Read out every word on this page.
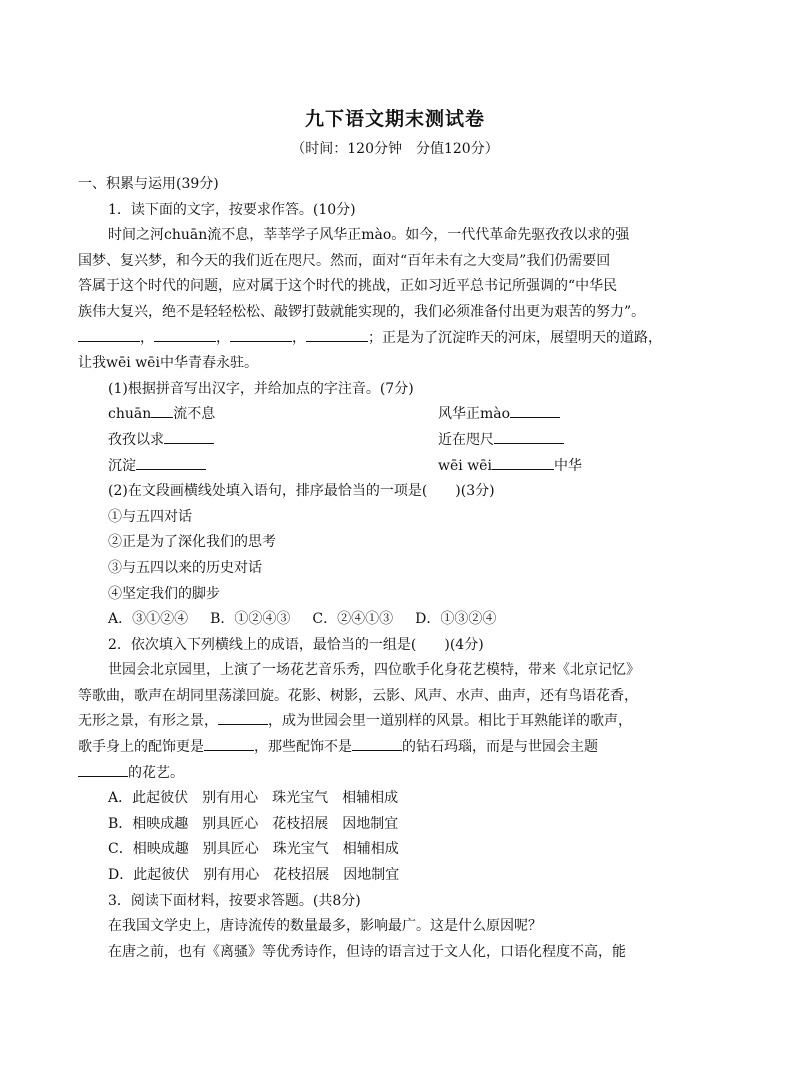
九下语文期末测试卷
（时间：120分钟　分值120分）

一、积累与运用(39分)

1．读下面的文字，按要求作答。(10分)

时间之河chuān流不息，莘莘学子风华正mào。如今，一代代革命先驱孜孜以求的强

国梦、复兴梦，和今天的我们近在咫尺。然而，面对“百年未有之大变局”我们仍需要回

答属于这个时代的问题，应对属于这个时代的挑战，正如习近平总书记所强调的“中华民

族伟大复兴，绝不是轻轻松松、敲锣打鼓就能实现的，我们必须准备付出更为艰苦的努力”。

，	，	，	；正是为了沉淀昨天的河床，展望明天的道路，

让我wēi wēi中华青春永驻。

(1)根据拼音写出汉字，并给加点的字注音。(7分)

chuān 流不息	风华正mào
孜孜以求	近在咫尺
沉淀	wēi wēi	中华

(2)在文段画横线处填入语句，排序最恰当的一项是(　　)(3分)

①与五四对话

②正是为了深化我们的思考

③与五四以来的历史对话

④坚定我们的脚步

A．③①②④ B．①②④③ C．②④①③ D．①③②④

2．依次填入下列横线上的成语，最恰当的一组是(　　)(4分)

世园会北京园里，上演了一场花艺音乐秀，四位歌手化身花艺模特，带来《北京记忆》

等歌曲，歌声在胡同里荡漾回旋。花影、树影，云影、风声、水声、曲声，还有鸟语花香，

无形之景，有形之景，	，成为世园会里一道别样的风景。相比于耳熟能详的歌声，

歌手身上的配饰更是	，那些配饰不是	的钻石玛瑙，而是与世园会主题

的花艺。

A．此起彼伏 别有用心 珠光宝气 相辅相成

B．相映成趣 别具匠心 花枝招展 因地制宜

C．相映成趣 别具匠心 珠光宝气 相辅相成

D．此起彼伏 别有用心 花枝招展 因地制宜

3．阅读下面材料，按要求答题。(共8分)

在我国文学史上，唐诗流传的数量最多，影响最广。这是什么原因呢？

在唐之前，也有《离骚》等优秀诗作，但诗的语言过于文人化，口语化程度不高，能
